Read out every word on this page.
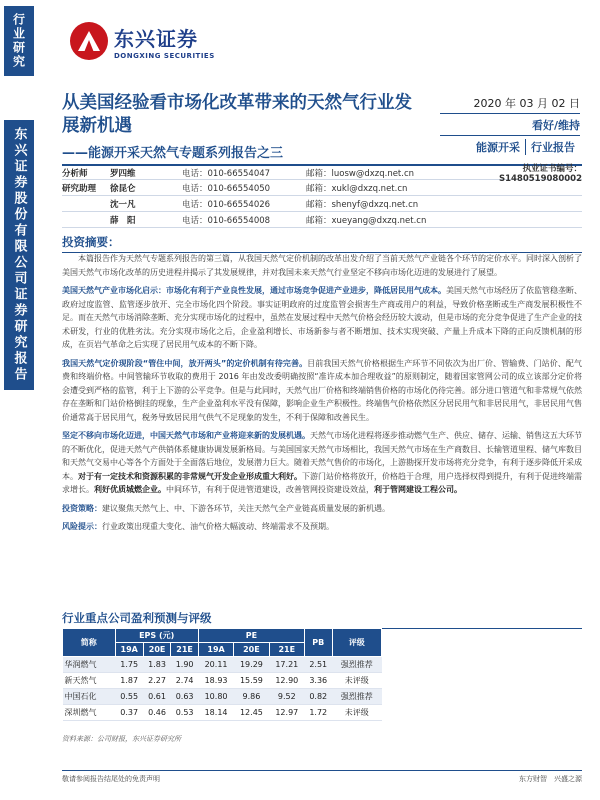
行业研究
东兴证券股份有限公司证券研究报告
东兴证券
DONGXING SECURITIES
从美国经验看市场化改革带来的天然气行业发展新机遇
——能源开采天然气专题系列报告之三
2020 年 03 月 02 日
看好/维持
能源开采	行业报告
分析师	罗四维	电话：010-66554047	邮箱：luosw@dxzq.net.cn	执业证书编号：S1480519080002
研究助理	徐昆仑	电话：010-66554050	邮箱：xukl@dxzq.net.cn
沈一凡	电话：010-66554026	邮箱：shenyf@dxzq.net.cn
薛　阳	电话：010-66554008	邮箱：xueyang@dxzq.net.cn
投资摘要：

本篇报告作为天然气专题系列报告的第三篇，从我国天然气定价机制的改革出发介绍了当前天然气产业链各个环节的定价水平。同时深入剖析了美国天然气市场化改革的历史进程并揭示了其发展规律，并对我国未来天然气行业坚定不移向市场化迈进的发展进行了展望。

美国天然气产业市场化启示：市场化有利于产业良性发展，通过市场竞争促进产业进步，降低居民用气成本。美国天然气市场经历了依监管稳垄断、政府过度监管、监管逐步放开、完全市场化四个阶段。事实证明政府的过度监管会损害生产商或用户的利益，导致价格垄断或生产商发展积极性不足。而在天然气市场消除垄断、充分实现市场化的过程中，虽然在发展过程中天然气价格会经历较大波动，但是市场的充分竞争促进了生产企业的技术研发，行业的优胜劣汰。充分实现市场化之后，企业盈利增长、市场新参与者不断增加、技术实现突破、产量上升成本下降的正向反馈机制的形成，在页岩气革命之后实现了居民用气成本的不断下降。

我国天然气定价现阶段“管住中间，放开两头”的定价机制有待完善。目前我国天然气价格根据生产环节不同依次为出厂价、管输费、门站价、配气费和终端价格。中间管输环节收取的费用于 2016 年由发改委明确按照“准许成本加合理收益”的原则制定，随着国家管网公司的成立该部分定价将会遭受到严格的监管，利于上下游的公平竞争。但是与此同时，天然气出厂价格和终端销售价格的市场化仍待完善。部分进口管道气和非常规气依然存在垄断和门站价格倒挂的现象，生产企业盈利水平没有保障，影响企业生产积极性。终端售气价格依然区分居民用气和非居民用气，非居民用气售价通常高于居民用气，税务导致居民用气供气不足现象的发生，不利于保障和改善民生。

坚定不移向市场化迈进，中国天然气市场和产业将迎来新的发展机遇。天然气市场化进程将逐步推动燃气生产、供应、储存、运输、销售这五大环节的不断优化，促进天然气产供销体系健康协调发展新格局。与美国国家天然气市场相比，我国天然气市场在生产商数目、长输管道里程、储气库数目和天然气交易中心等各个方面处于全面落后地位，发展潜力巨大。随着天然气售价的市场化，上游勘探开发市场将充分竞争，有利于逐步降低开采成本。对于有一定技术和资源积累的非常规气开发企业形成重大利好。下游门站价格将放开，价格趋于合理，用户选择权得到提升，有利于促进终端需求增长。利好优质城燃企业。中间环节，有利于促进管道建设，改善管网投资建设效益，利于管网建设工程公司。

投资策略：建议聚焦天然气上、中、下游各环节，关注天然气全产业链高质量发展的新机遇。

风险提示：行业政策出现重大变化、油气价格大幅波动、终端需求不及预期。

行业重点公司盈利预测与评级
简称	EPS (元)			PE			PB	评级
	19A	20E	21E	19A	20E	21E		
华润燃气	1.75	1.83	1.90	20.11	19.29	17.21	2.51	强烈推荐
新天然气	1.87	2.27	2.74	18.93	15.59	12.90	3.36	未评级
中国石化	0.55	0.61	0.63	10.80	9.86	9.52	0.82	强烈推荐
深圳燃气	0.37	0.46	0.53	18.14	12.45	12.97	1.72	未评级
资料来源：公司财报，东兴证券研究所
敬请参阅报告结尾处的免责声明	东方财智　兴盛之源
